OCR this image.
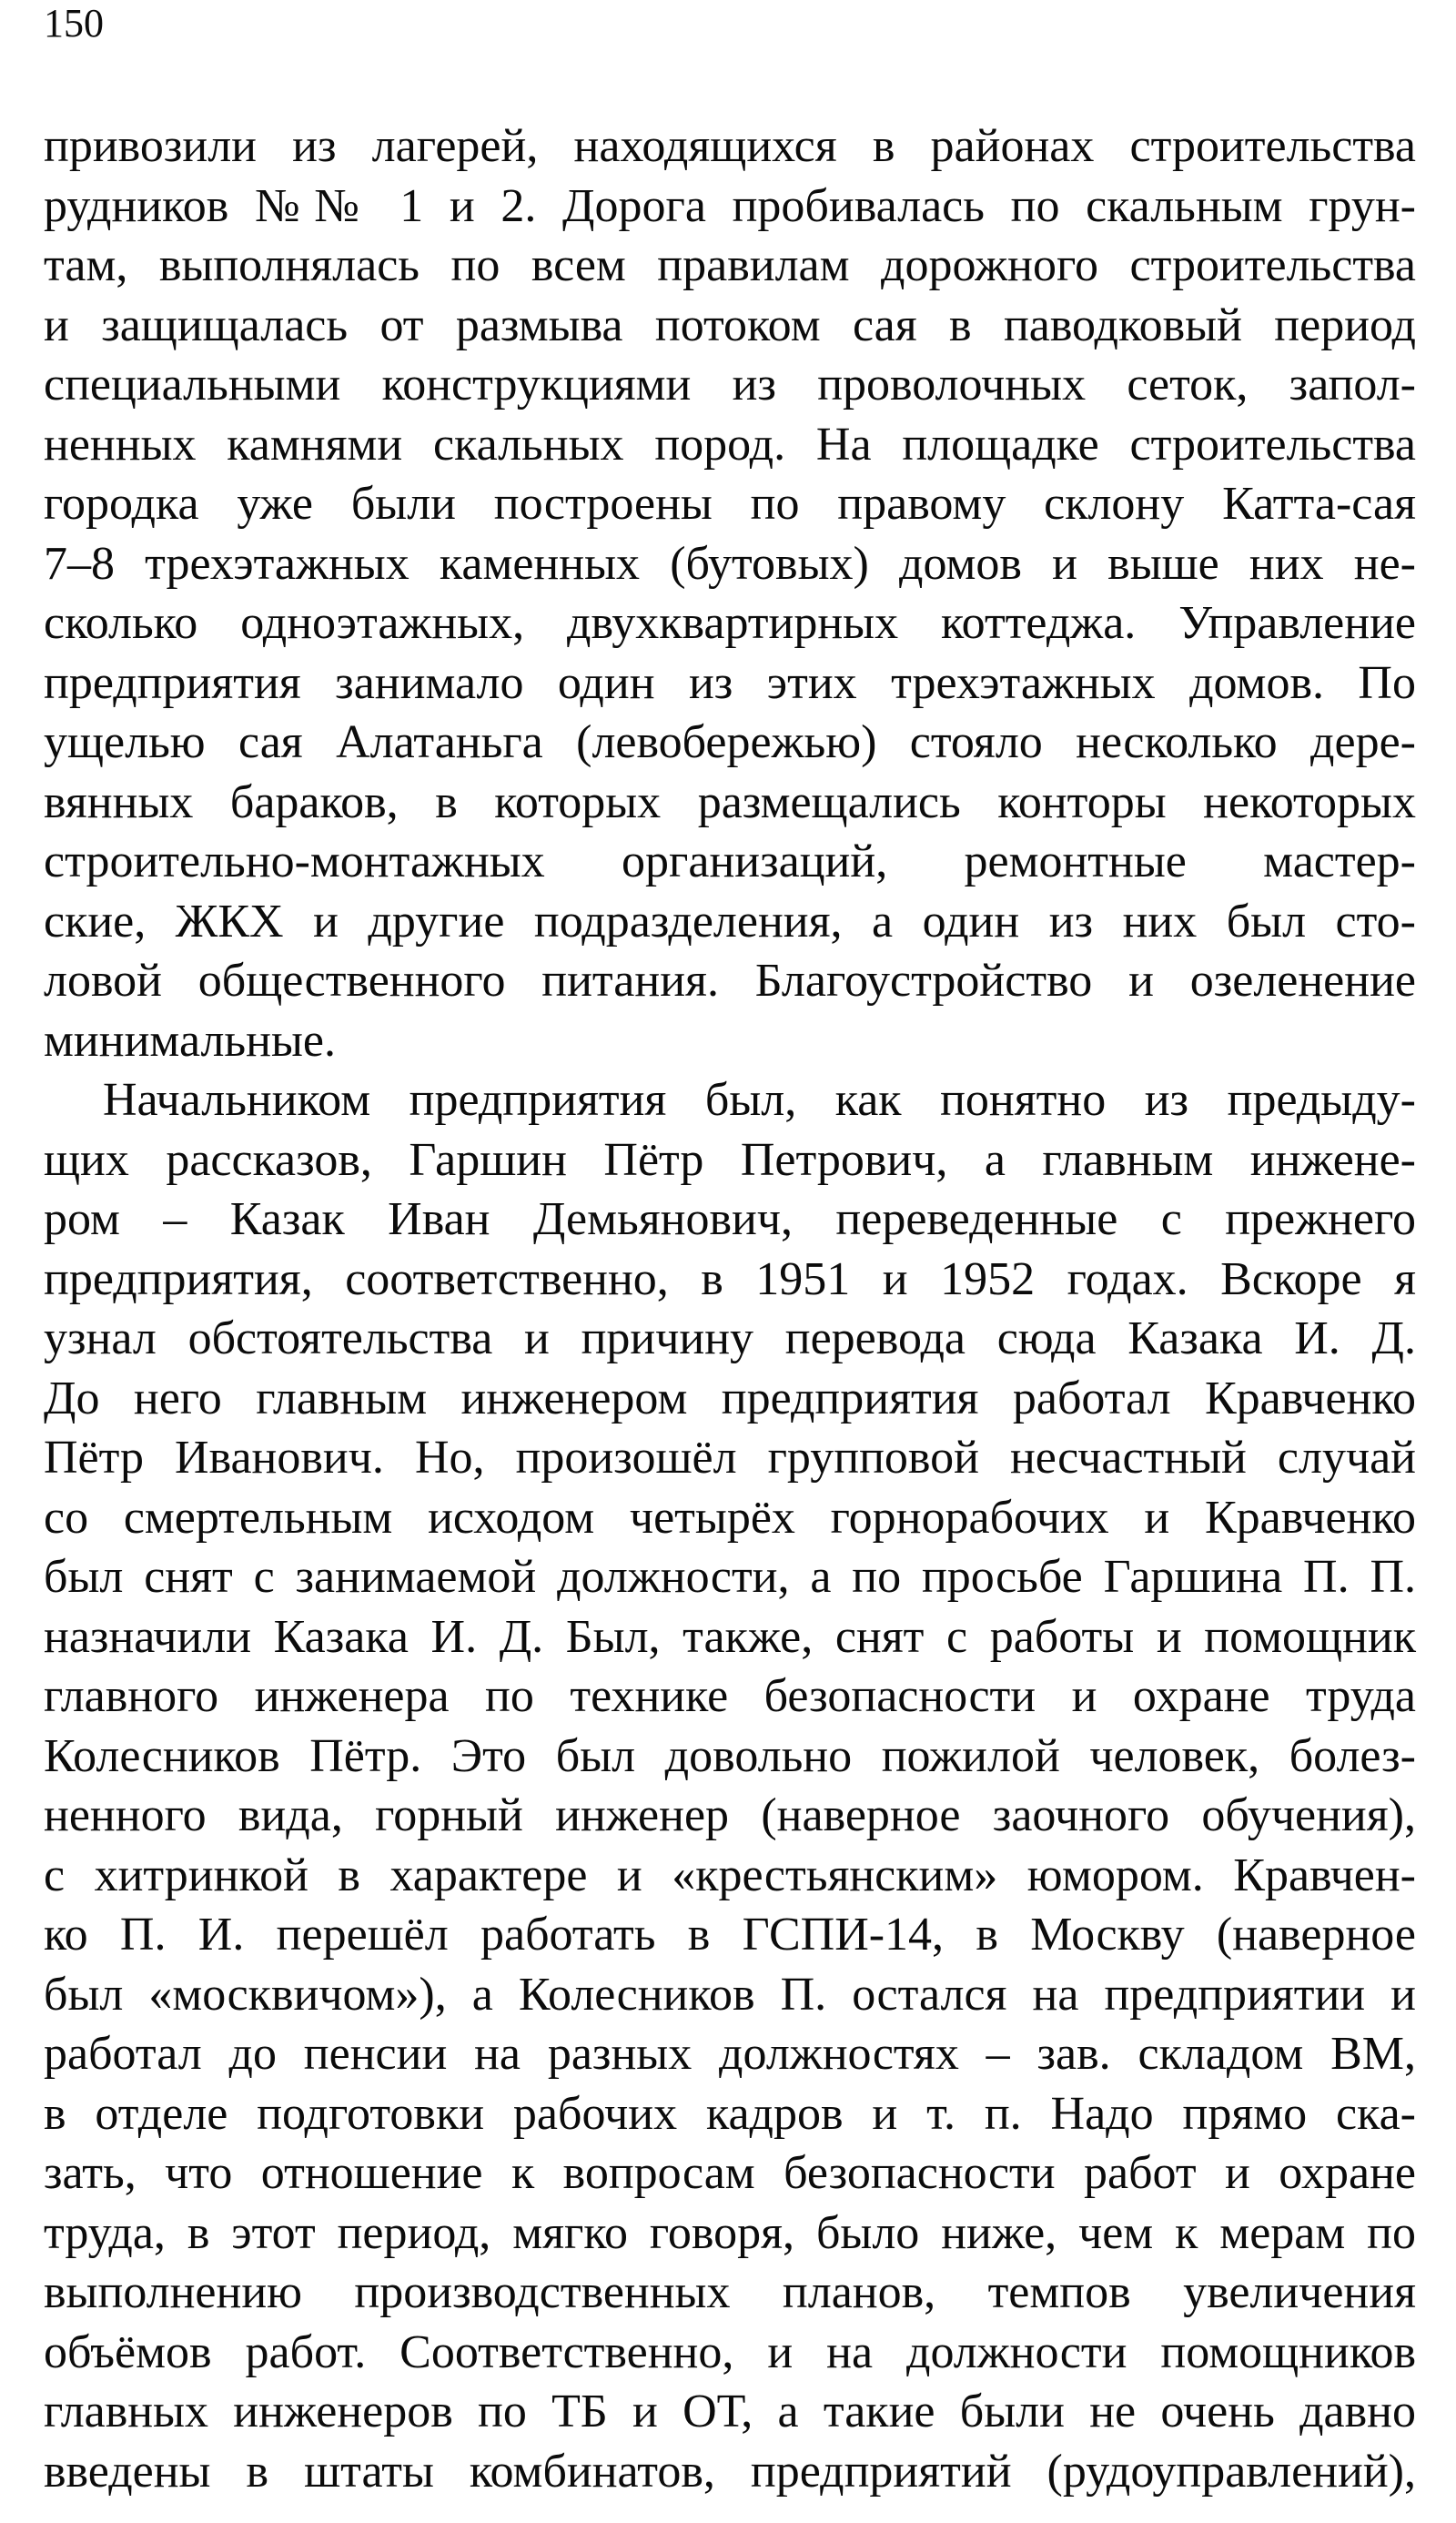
150
привозили из лагерей, находящихся в районах строительства
рудников №№ 1 и 2. Дорога пробивалась по скальным грун-
там, выполнялась по всем правилам дорожного строительства
и защищалась от размыва потоком сая в паводковый период
специальными конструкциями из проволочных сеток, запол-
ненных камнями скальных пород. На площадке строительства
городка уже были построены по правому склону Катта-сая
7–8 трехэтажных каменных (бутовых) домов и выше них не-
сколько одноэтажных, двухквартирных коттеджа. Управление
предприятия занимало один из этих трехэтажных домов. По
ущелью сая Алатаньга (левобережью) стояло несколько дере-
вянных бараков, в которых размещались конторы некоторых
строительно-монтажных организаций, ремонтные мастер-
ские, ЖКХ и другие подразделения, а один из них был сто-
ловой общественного питания. Благоустройство и озеленение
минимальные.
Начальником предприятия был, как понятно из предыду-
щих рассказов, Гаршин Пётр Петрович, а главным инжене-
ром – Казак Иван Демьянович, переведенные с прежнего
предприятия, соответственно, в 1951 и 1952 годах. Вскоре я
узнал обстоятельства и причину перевода сюда Казака И. Д.
До него главным инженером предприятия работал Кравченко
Пётр Иванович. Но, произошёл групповой несчастный случай
со смертельным исходом четырёх горнорабочих и Кравченко
был снят с занимаемой должности, а по просьбе Гаршина П. П.
назначили Казака И. Д. Был, также, снят с работы и помощник
главного инженера по технике безопасности и охране труда
Колесников Пётр. Это был довольно пожилой человек, болез-
ненного вида, горный инженер (наверное заочного обучения),
с хитринкой в характере и «крестьянским» юмором. Кравчен-
ко П. И. перешёл работать в ГСПИ-14, в Москву (наверное
был «москвичом»), а Колесников П. остался на предприятии и
работал до пенсии на разных должностях – зав. складом ВМ,
в отделе подготовки рабочих кадров и т. п. Надо прямо ска-
зать, что отношение к вопросам безопасности работ и охране
труда, в этот период, мягко говоря, было ниже, чем к мерам по
выполнению производственных планов, темпов увеличения
объёмов работ. Соответственно, и на должности помощников
главных инженеров по ТБ и ОТ, а такие были не очень давно
введены в штаты комбинатов, предприятий (рудоуправлений),
